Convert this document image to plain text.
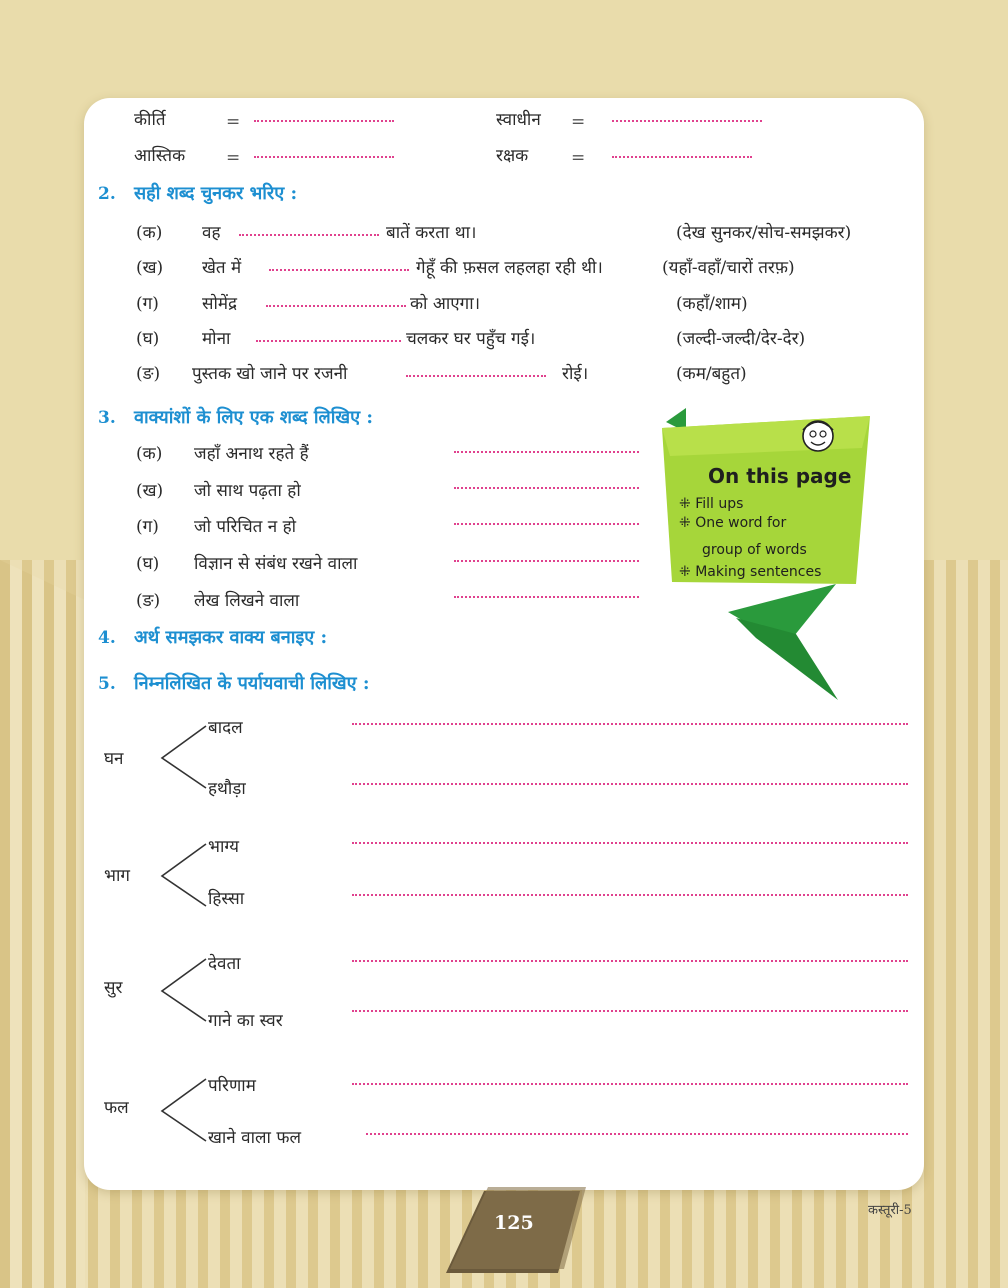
कीर्ति	=	स्वाधीन =
आस्तिक =	रक्षक	=
2. सही शब्द चुनकर भरिए :
(क) वह	बातें करता था।	(देख सुनकर/सोच-समझकर)
(ख) खेत में	गेहूँ की फ़सल लहलहा रही थी।	(यहाँ-वहाँ/चारों तरफ़)
(ग)	सोमेंद्र	को आएगा।	(कहाँ/शाम)
(घ)	मोना	चलकर घर पहुँच गई।	(जल्दी-जल्दी/देर-देर)
(ङ) पुस्तक खो जाने पर रजनी	रोई।	(कम/बहुत)
3. वाक्यांशों के लिए एक शब्द लिखिए :
(क) जहाँ अनाथ रहते हैं
(ख) जो साथ पढ़ता हो
(ग) जो परिचित न हो
(घ) विज्ञान से संबंध रखने वाला
(ङ) लेख लिखने वाला
4. अर्थ समझकर वाक्य बनाइए :
5. निम्नलिखित के पर्यायवाची लिखिए :
घन
बादल
हथौड़ा
भाग
भाग्य
हिस्सा
सुर
देवता
गाने का स्वर
फल
परिणाम
खाने वाला फल
On this page
⁜ Fill ups
⁜ One word for
group of words
⁜ Making sentences
125
कस्तूरी-5
